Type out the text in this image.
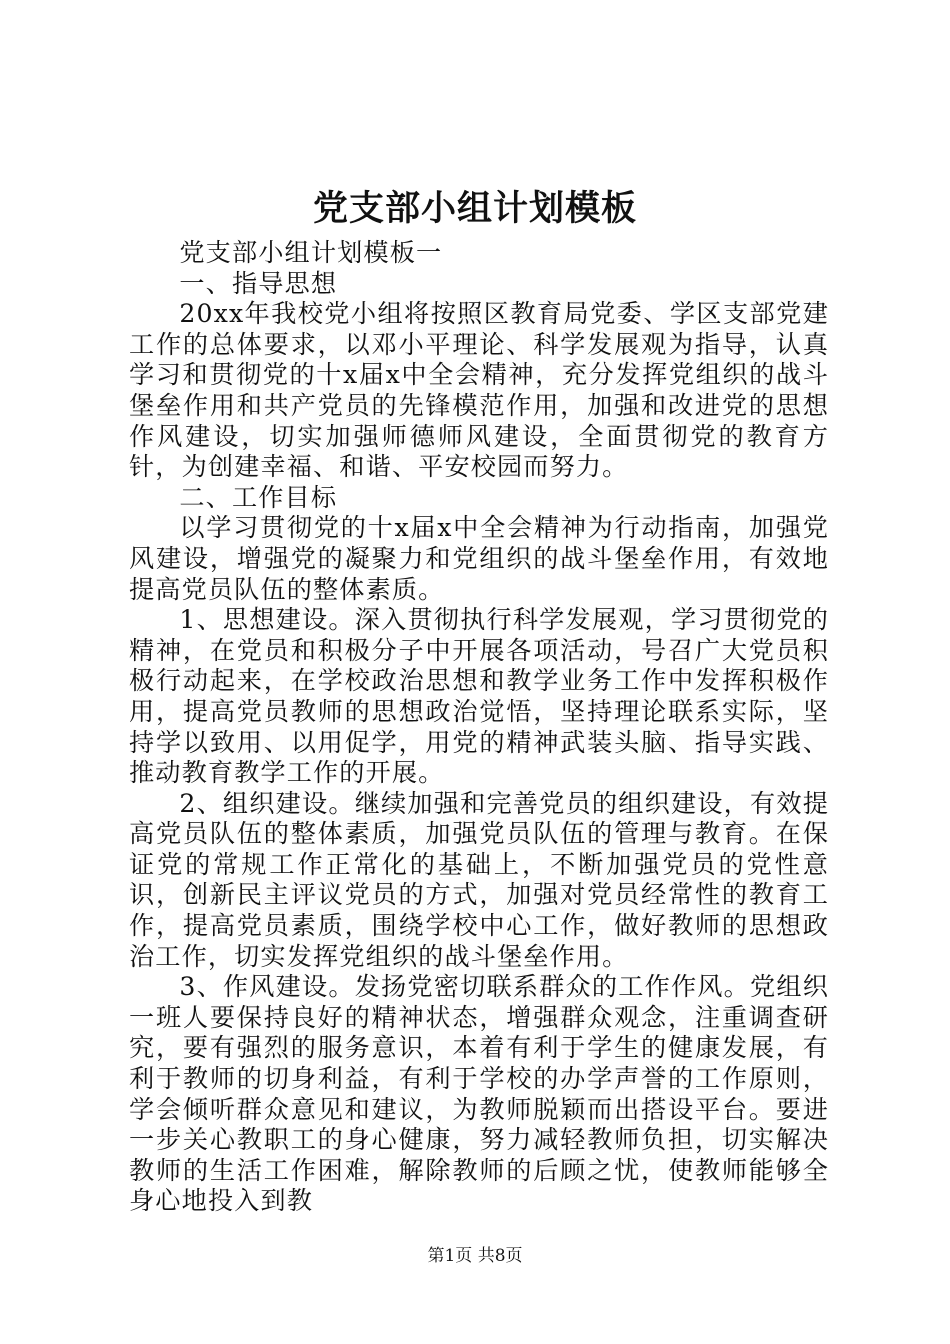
党支部小组计划模板

党支部小组计划模板一

一、指导思想

20xx年我校党小组将按照区教育局党委、学区支部党建工作的总体要求，以邓小平理论、科学发展观为指导，认真学习和贯彻党的十x届x中全会精神，充分发挥党组织的战斗堡垒作用和共产党员的先锋模范作用，加强和改进党的思想作风建设，切实加强师德师风建设，全面贯彻党的教育方针，为创建幸福、和谐、平安校园而努力。

二、工作目标

以学习贯彻党的十x届x中全会精神为行动指南，加强党风建设，增强党的凝聚力和党组织的战斗堡垒作用，有效地提高党员队伍的整体素质。

1、思想建设。深入贯彻执行科学发展观，学习贯彻党的精神，在党员和积极分子中开展各项活动，号召广大党员积极行动起来，在学校政治思想和教学业务工作中发挥积极作用，提高党员教师的思想政治觉悟，坚持理论联系实际，坚持学以致用、以用促学，用党的精神武装头脑、指导实践、推动教育教学工作的开展。

2、组织建设。继续加强和完善党员的组织建设，有效提高党员队伍的整体素质，加强党员队伍的管理与教育。在保证党的常规工作正常化的基础上，不断加强党员的党性意识，创新民主评议党员的方式，加强对党员经常性的教育工作，提高党员素质，围绕学校中心工作，做好教师的思想政治工作，切实发挥党组织的战斗堡垒作用。

3、作风建设。发扬党密切联系群众的工作作风。党组织一班人要保持良好的精神状态，增强群众观念，注重调查研究，要有强烈的服务意识，本着有利于学生的健康发展，有利于教师的切身利益，有利于学校的办学声誉的工作原则，学会倾听群众意见和建议，为教师脱颖而出搭设平台。要进一步关心教职工的身心健康，努力减轻教师负担，切实解决教师的生活工作困难，解除教师的后顾之忧，使教师能够全身心地投入到教

第1页 共8页
